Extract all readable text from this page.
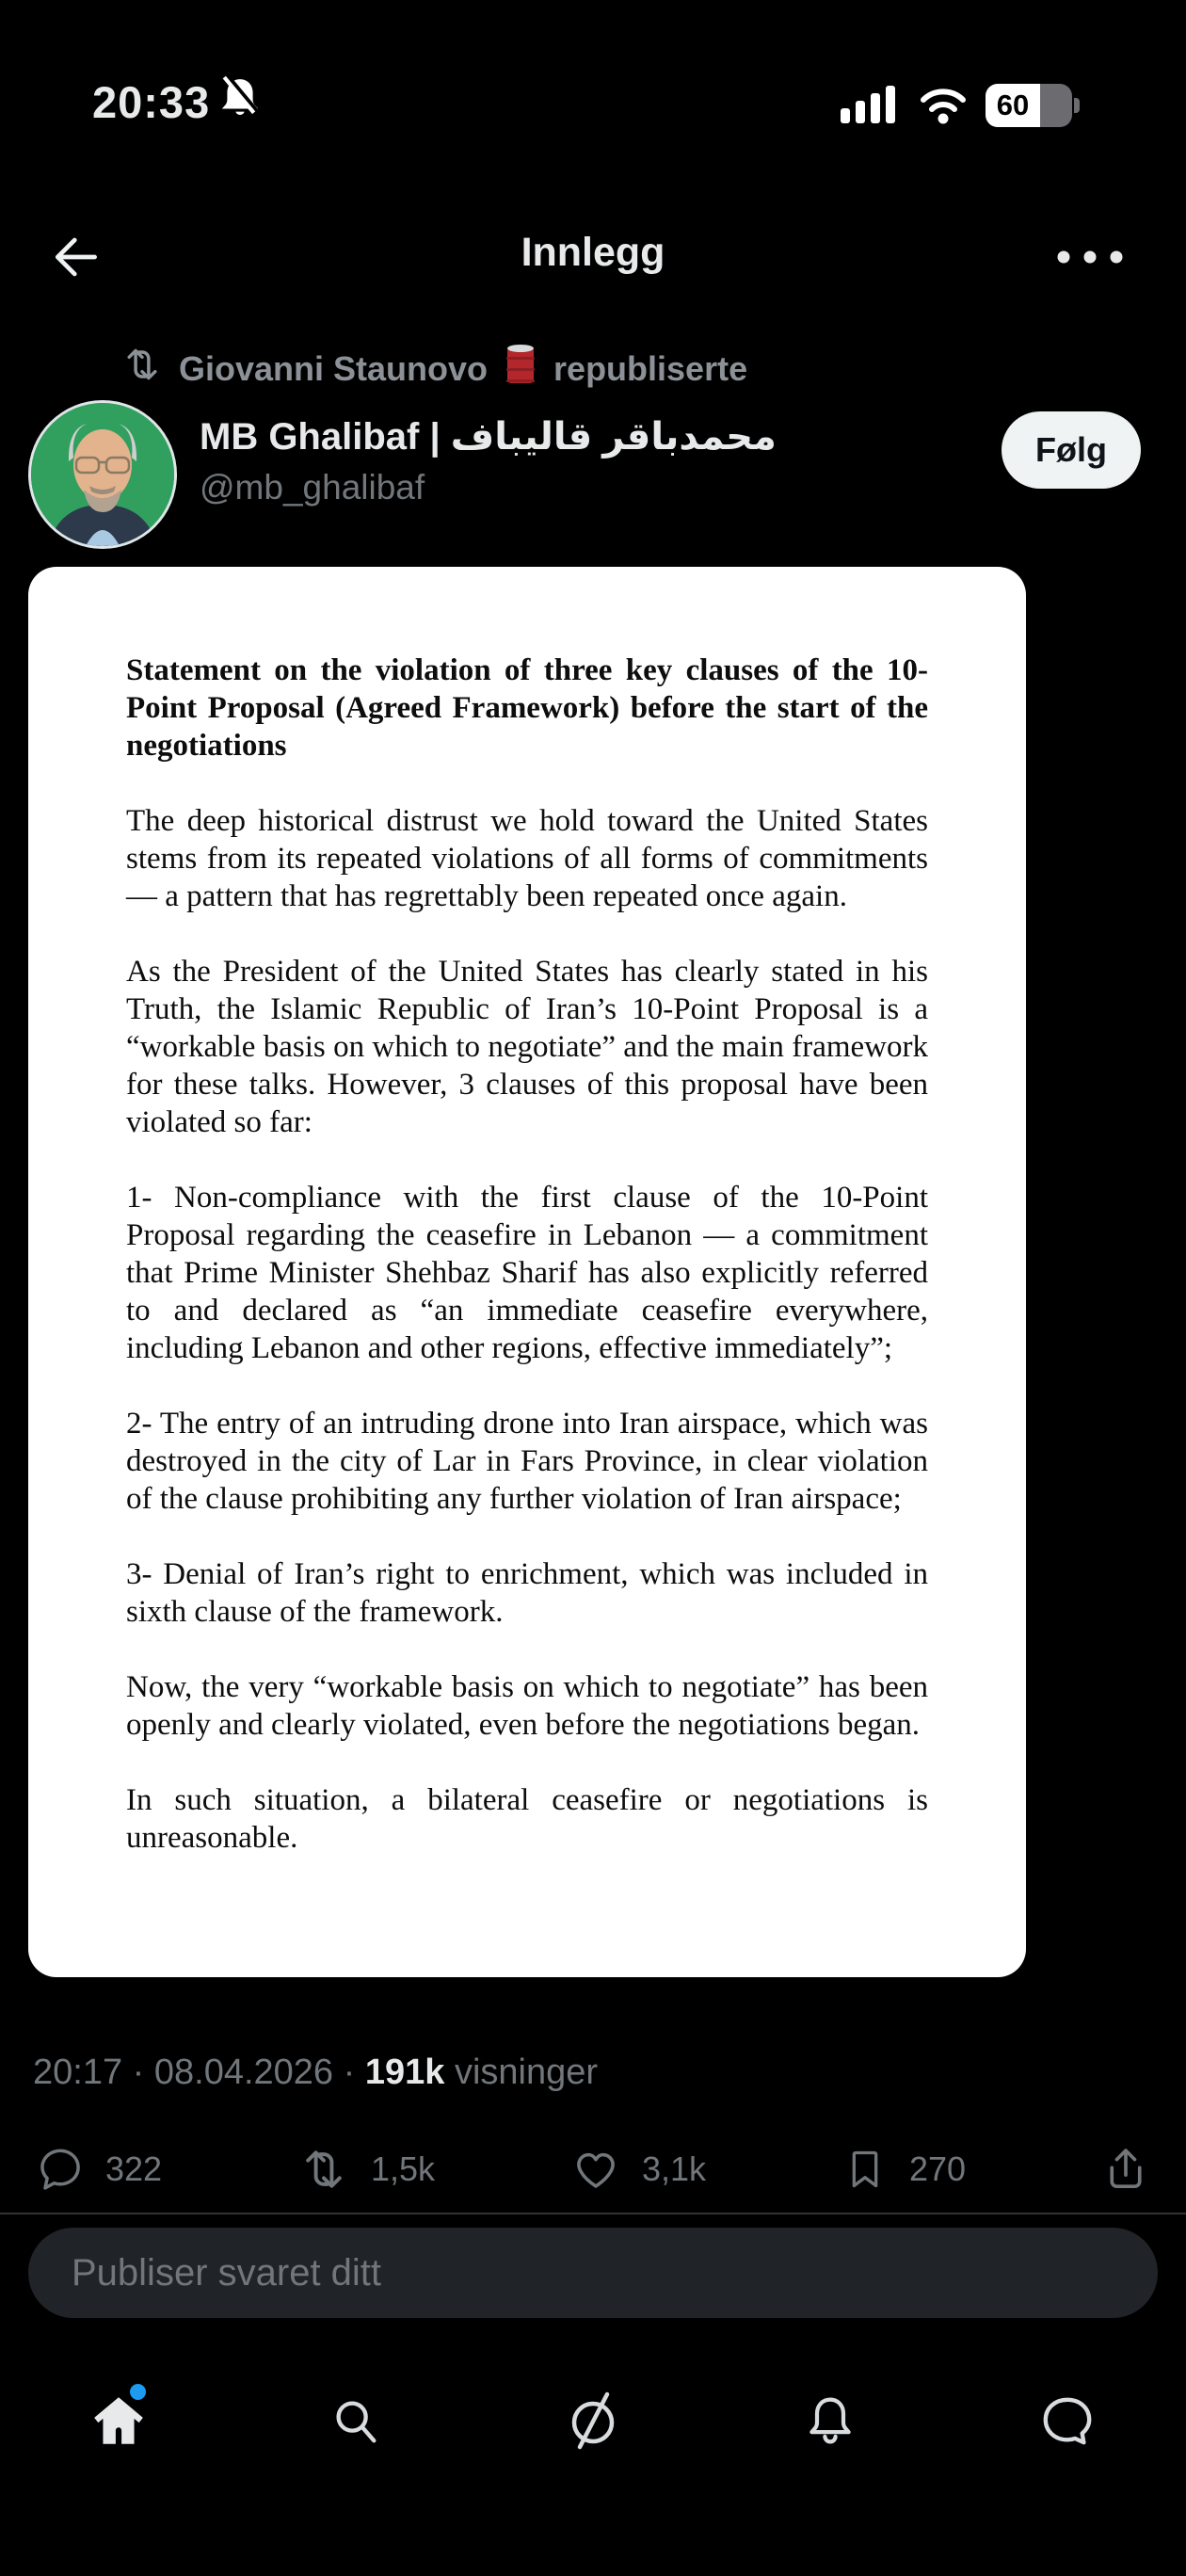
20:33	60
Innlegg
Giovanni Staunovo republiserte
MB Ghalibaf | محمدباقر قاليباف
@mb_ghalibaf
Følg

Statement on the violation of three key clauses of the 10-Point Proposal (Agreed Framework) before the start of the negotiations

The deep historical distrust we hold toward the United States stems from its repeated violations of all forms of commitments — a pattern that has regrettably been repeated once again.

As the President of the United States has clearly stated in his Truth, the Islamic Republic of Iran’s 10-Point Proposal is a “workable basis on which to negotiate” and the main framework for these talks. However, 3 clauses of this proposal have been violated so far:

1- Non-compliance with the first clause of the 10-Point Proposal regarding the ceasefire in Lebanon — a commitment that Prime Minister Shehbaz Sharif has also explicitly referred to and declared as “an immediate ceasefire everywhere, including Lebanon and other regions, effective immediately”;

2- The entry of an intruding drone into Iran airspace, which was destroyed in the city of Lar in Fars Province, in clear violation of the clause prohibiting any further violation of Iran airspace;

3- Denial of Iran’s right to enrichment, which was included in sixth clause of the framework.

Now, the very “workable basis on which to negotiate” has been openly and clearly violated, even before the negotiations began.

In such situation, a bilateral ceasefire or negotiations is unreasonable.

20:17 · 08.04.2026 · 191k visninger
322	1,5k	3,1k	270
Publiser svaret ditt
